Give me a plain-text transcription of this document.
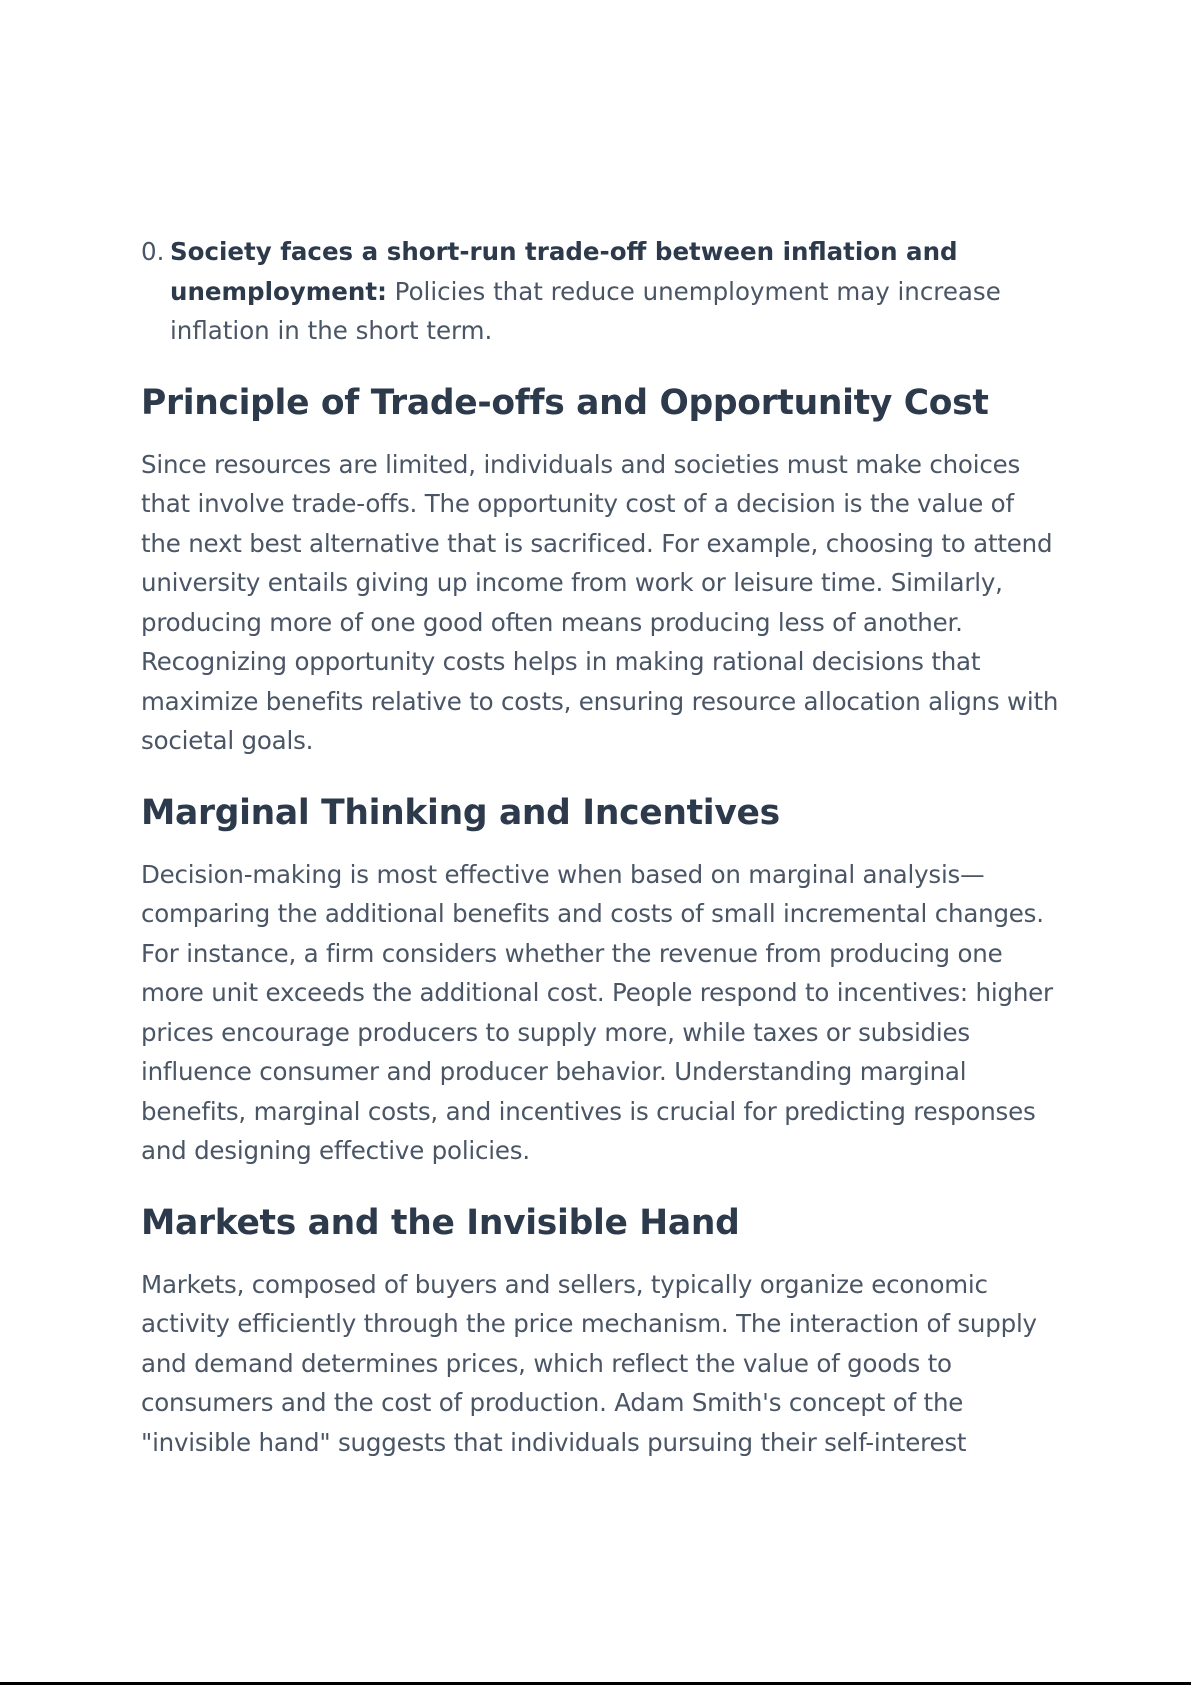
0. Society faces a short-run trade-off between inflation and unemployment: Policies that reduce unemployment may increase inflation in the short term.
Principle of Trade-offs and Opportunity Cost

Since resources are limited, individuals and societies must make choices that involve trade-offs. The opportunity cost of a decision is the value of the next best alternative that is sacrificed. For example, choosing to attend university entails giving up income from work or leisure time. Similarly, producing more of one good often means producing less of another. Recognizing opportunity costs helps in making rational decisions that maximize benefits relative to costs, ensuring resource allocation aligns with societal goals.

Marginal Thinking and Incentives

Decision-making is most effective when based on marginal analysis—comparing the additional benefits and costs of small incremental changes. For instance, a firm considers whether the revenue from producing one more unit exceeds the additional cost. People respond to incentives: higher prices encourage producers to supply more, while taxes or subsidies influence consumer and producer behavior. Understanding marginal benefits, marginal costs, and incentives is crucial for predicting responses and designing effective policies.

Markets and the Invisible Hand

Markets, composed of buyers and sellers, typically organize economic activity efficiently through the price mechanism. The interaction of supply and demand determines prices, which reflect the value of goods to consumers and the cost of production. Adam Smith's concept of the "invisible hand" suggests that individuals pursuing their self-interest
